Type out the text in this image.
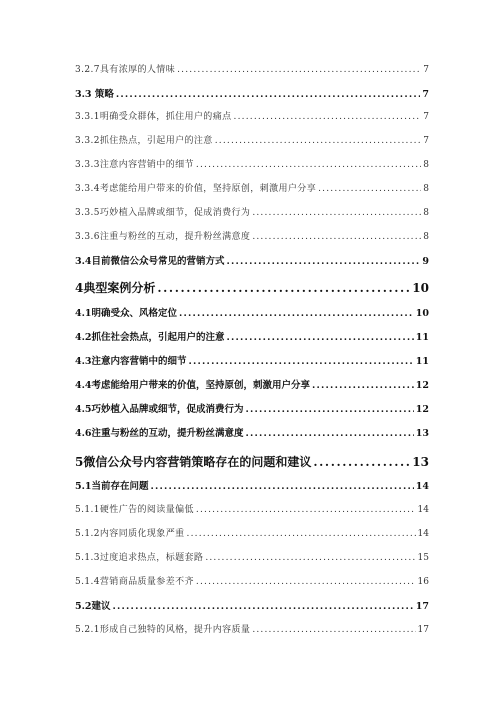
3.2.7具有浓厚的人情味 .....	7
3.3 策略 .....	7
3.3.1明确受众群体，抓住用户的痛点 .....	7
3.3.2抓住热点，引起用户的注意 .....	7
3.3.3注意内容营销中的细节 .....	8
3.3.4考虑能给用户带来的价值，坚持原创，刺激用户分享 .....	8
3.3.5巧妙植入品牌或细节，促成消费行为 .....	8
3.3.6注重与粉丝的互动，提升粉丝满意度 .....	8
3.4目前微信公众号常见的营销方式 .....	9
4典型案例分析 .....	10
4.1明确受众、风格定位 .....	10
4.2抓住社会热点，引起用户的注意 .....	11
4.3注意内容营销中的细节 .....	11
4.4考虑能给用户带来的价值，坚持原创，刺激用户分享 .....	12
4.5巧妙植入品牌或细节，促成消费行为 .....	12
4.6注重与粉丝的互动，提升粉丝满意度 .....	13
5微信公众号内容营销策略存在的问题和建议 .....	13
5.1当前存在问题 .....	14
5.1.1硬性广告的阅读量偏低 .....	14
5.1.2内容同质化现象严重 .....	14
5.1.3过度追求热点，标题套路 .....	15
5.1.4营销商品质量参差不齐 .....	16
5.2建议 .....	17
5.2.1形成自己独特的风格，提升内容质量 .....	17
